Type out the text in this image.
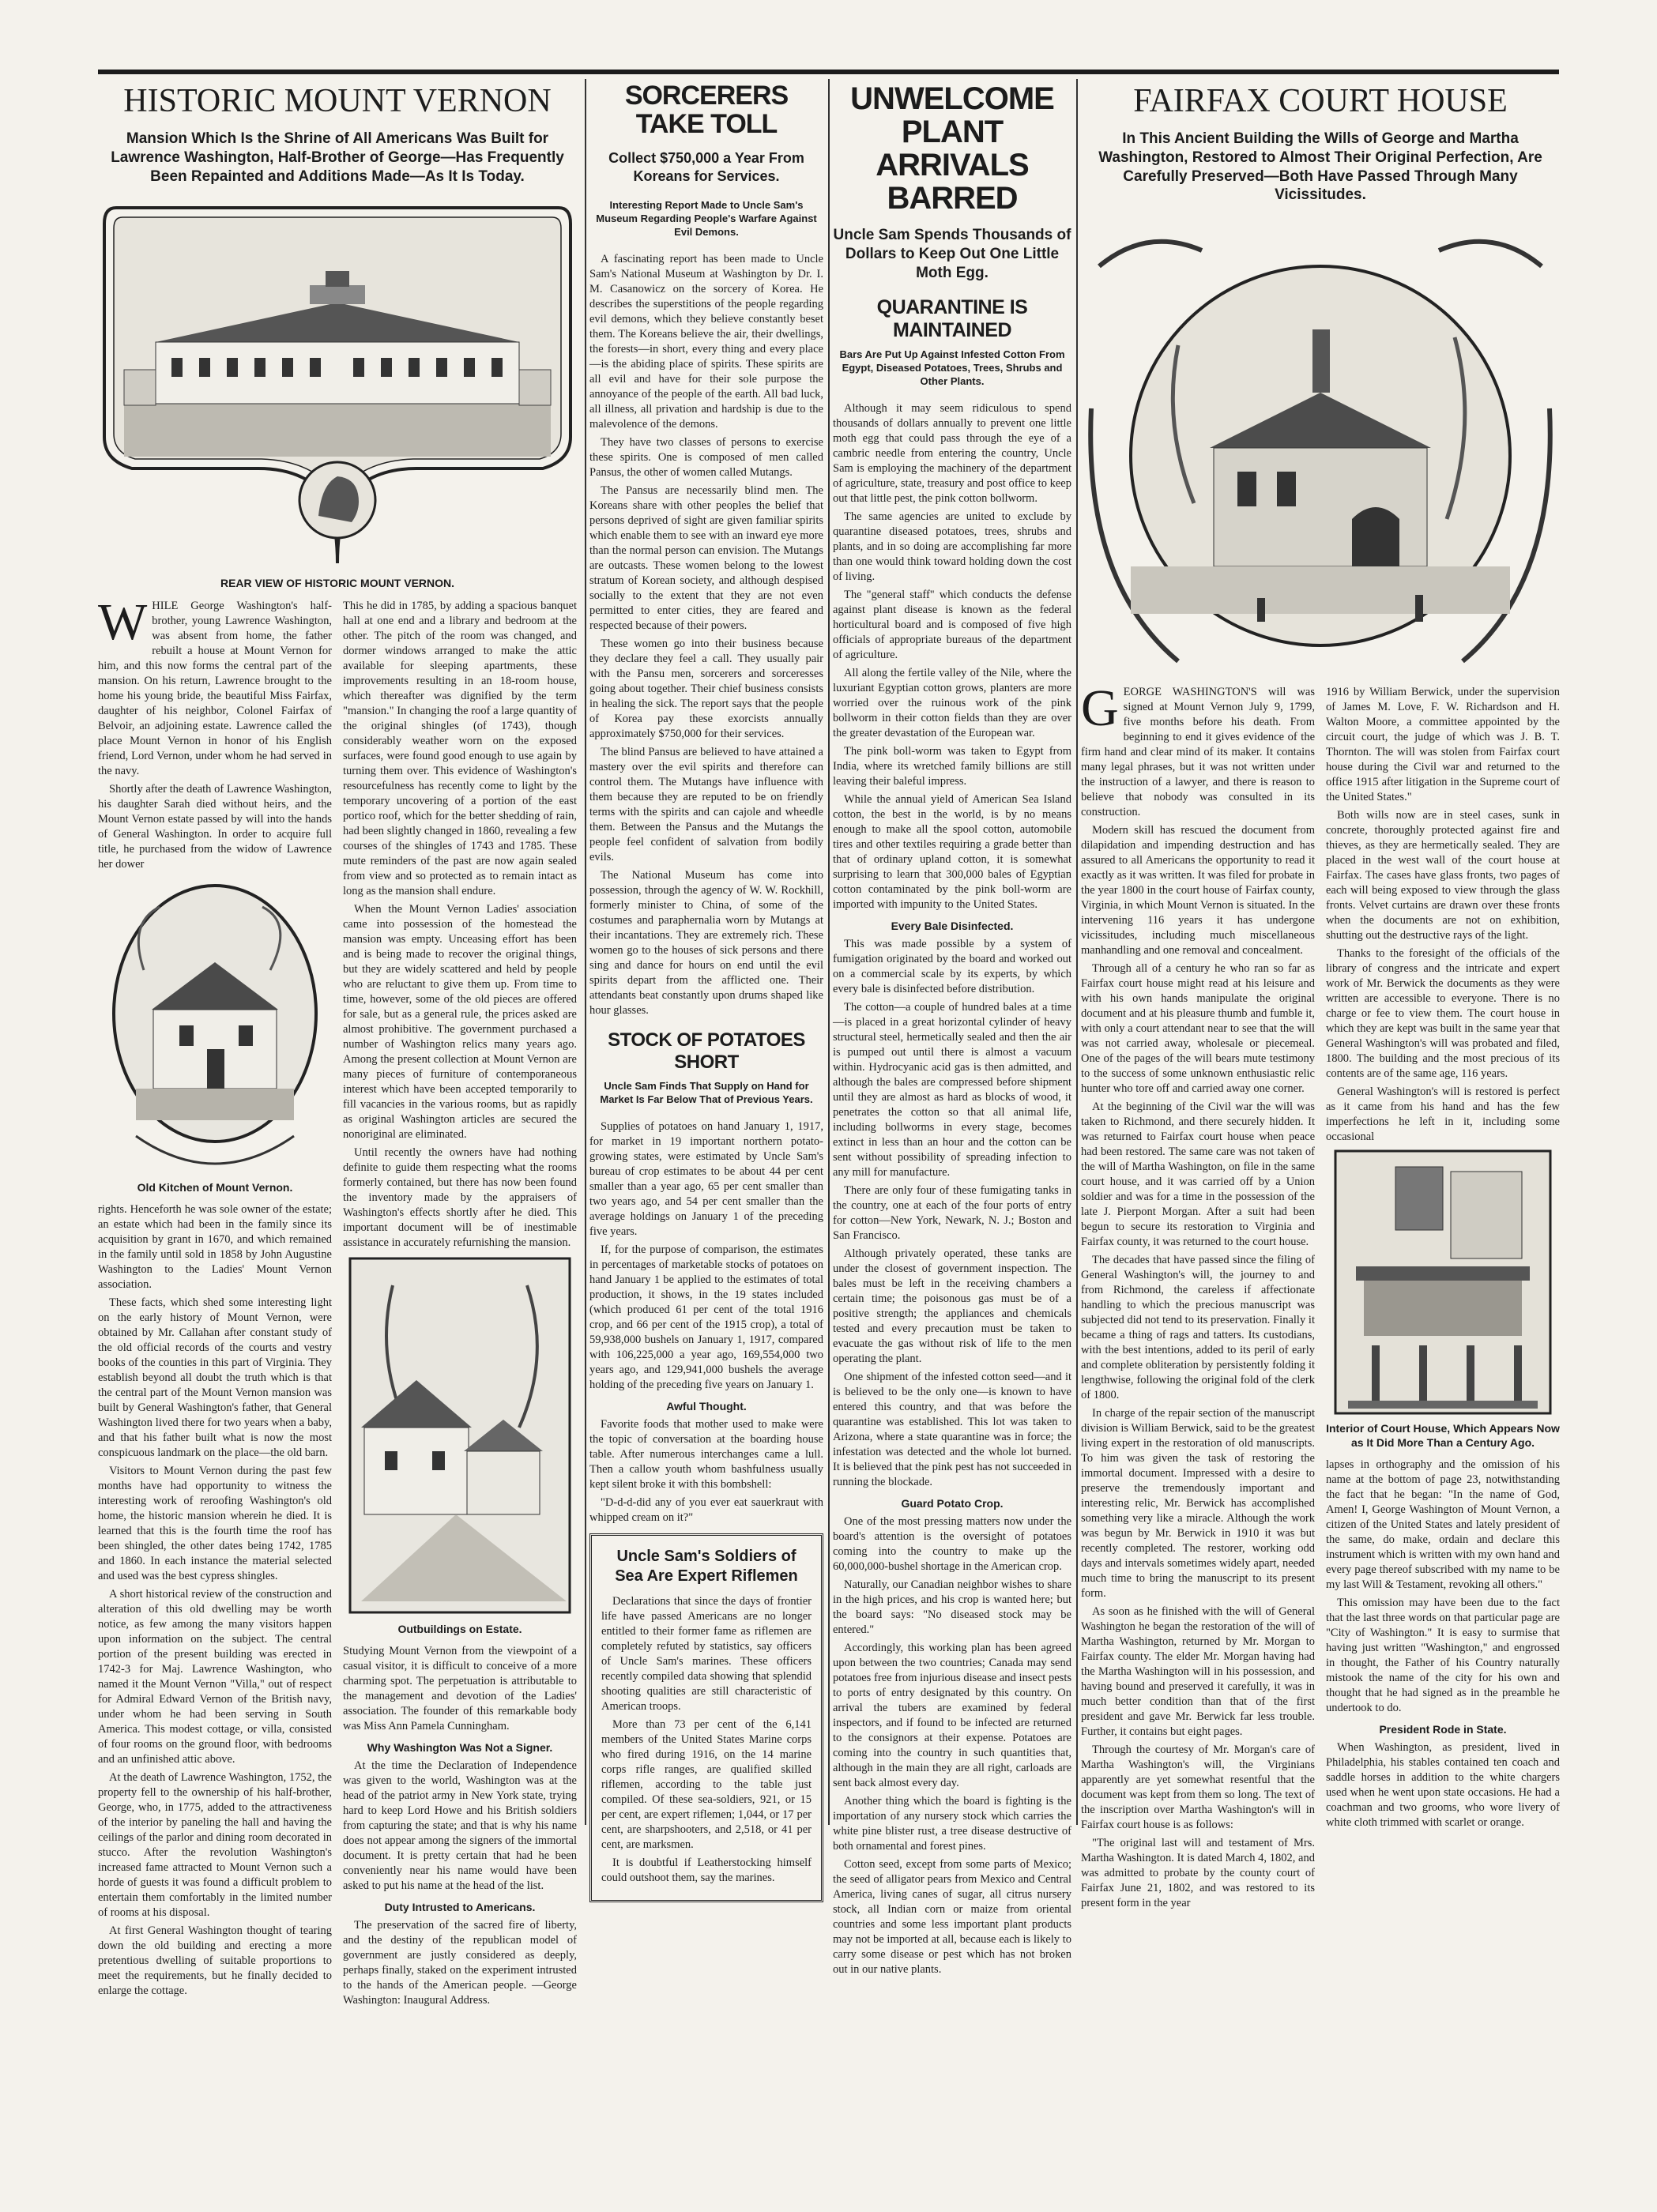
HISTORIC MOUNT VERNON
Mansion Which Is the Shrine of All Americans Was Built for Lawrence Washington, Half-Brother of George—Has Frequently Been Repainted and Additions Made—As It Is Today.
REAR VIEW OF HISTORIC MOUNT VERNON.

WHILE George Washington's half-brother, young Lawrence Washington, was absent from home, the father rebuilt a house at Mount Vernon for him, and this now forms the central part of the mansion. On his return, Lawrence brought to the home his young bride, the beautiful Miss Fairfax, daughter of his neighbor, Colonel Fairfax of Belvoir, an adjoining estate. Lawrence called the place Mount Vernon in honor of his English friend, Lord Vernon, under whom he had served in the navy.

Shortly after the death of Lawrence Washington, his daughter Sarah died without heirs, and the Mount Vernon estate passed by will into the hands of General Washington. In order to acquire full title, he purchased from the widow of Lawrence her dower

Old Kitchen of Mount Vernon.

rights. Henceforth he was sole owner of the estate; an estate which had been in the family since its acquisition by grant in 1670, and which remained in the family until sold in 1858 by John Augustine Washington to the Ladies' Mount Vernon association.

These facts, which shed some interesting light on the early history of Mount Vernon, were obtained by Mr. Callahan after constant study of the old official records of the courts and vestry books of the counties in this part of Virginia. They establish beyond all doubt the truth which is that the central part of the Mount Vernon mansion was built by General Washington's father, that General Washington lived there for two years when a baby, and that his father built what is now the most conspicuous landmark on the place—the old barn.

Visitors to Mount Vernon during the past few months have had opportunity to witness the interesting work of reroofing Washington's old home, the historic mansion wherein he died. It is learned that this is the fourth time the roof has been shingled, the other dates being 1742, 1785 and 1860. In each instance the material selected and used was the best cypress shingles.

A short historical review of the construction and alteration of this old dwelling may be worth notice, as few among the many visitors happen upon information on the subject. The central portion of the present building was erected in 1742-3 for Maj. Lawrence Washington, who named it the Mount Vernon "Villa," out of respect for Admiral Edward Vernon of the British navy, under whom he had been serving in South America. This modest cottage, or villa, consisted of four rooms on the ground floor, with bedrooms and an unfinished attic above.

At the death of Lawrence Washington, 1752, the property fell to the ownership of his half-brother, George, who, in 1775, added to the attractiveness of the interior by paneling the hall and having the ceilings of the parlor and dining room decorated in stucco. After the revolution Washington's increased fame attracted to Mount Vernon such a horde of guests it was found a difficult problem to entertain them comfortably in the limited number of rooms at his disposal.

At first General Washington thought of tearing down the old building and erecting a more pretentious dwelling of suitable proportions to meet the requirements, but he finally decided to enlarge the cottage.

This he did in 1785, by adding a spacious banquet hall at one end and a library and bedroom at the other. The pitch of the room was changed, and dormer windows arranged to make the attic available for sleeping apartments, these improvements resulting in an 18-room house, which thereafter was dignified by the term "mansion." In changing the roof a large quantity of the original shingles (of 1743), though considerably weather worn on the exposed surfaces, were found good enough to use again by turning them over. This evidence of Washington's resourcefulness has recently come to light by the temporary uncovering of a portion of the east portico roof, which for the better shedding of rain, had been slightly changed in 1860, revealing a few courses of the shingles of 1743 and 1785. These mute reminders of the past are now again sealed from view and so protected as to remain intact as long as the mansion shall endure.

When the Mount Vernon Ladies' association came into possession of the homestead the mansion was empty. Unceasing effort has been and is being made to recover the original things, but they are widely scattered and held by people who are reluctant to give them up. From time to time, however, some of the old pieces are offered for sale, but as a general rule, the prices asked are almost prohibitive. The government purchased a number of Washington relics many years ago. Among the present collection at Mount Vernon are many pieces of furniture of contemporaneous interest which have been accepted temporarily to fill vacancies in the various rooms, but as rapidly as original Washington articles are secured the nonoriginal are eliminated.

Until recently the owners have had nothing definite to guide them respecting what the rooms formerly contained, but there has now been found the inventory made by the appraisers of Washington's effects shortly after he died. This important document will be of inestimable assistance in accurately refurnishing the mansion.

Outbuildings on Estate.

Studying Mount Vernon from the viewpoint of a casual visitor, it is difficult to conceive of a more charming spot. The perpetuation is attributable to the management and devotion of the Ladies' association. The founder of this remarkable body was Miss Ann Pamela Cunningham.

Why Washington Was Not a Signer.

At the time the Declaration of Independence was given to the world, Washington was at the head of the patriot army in New York state, trying hard to keep Lord Howe and his British soldiers from capturing the state; and that is why his name does not appear among the signers of the immortal document. It is pretty certain that had he been conveniently near his name would have been asked to put his name at the head of the list.

Duty Intrusted to Americans.

The preservation of the sacred fire of liberty, and the destiny of the republican model of government are justly considered as deeply, perhaps finally, staked on the experiment intrusted to the hands of the American people. —George Washington: Inaugural Address.

SORCERERS TAKE TOLL
Collect $750,000 a Year From Koreans for Services.
Interesting Report Made to Uncle Sam's Museum Regarding People's Warfare Against Evil Demons.

A fascinating report has been made to Uncle Sam's National Museum at Washington by Dr. I. M. Casanowicz on the sorcery of Korea. He describes the superstitions of the people regarding evil demons, which they believe constantly beset them. The Koreans believe the air, their dwellings, the forests—in short, every thing and every place—is the abiding place of spirits. These spirits are all evil and have for their sole purpose the annoyance of the people of the earth. All bad luck, all illness, all privation and hardship is due to the malevolence of the demons.

They have two classes of persons to exercise these spirits. One is composed of men called Pansus, the other of women called Mutangs.

The Pansus are necessarily blind men. The Koreans share with other peoples the belief that persons deprived of sight are given familiar spirits which enable them to see with an inward eye more than the normal person can envision. The Mutangs are outcasts. These women belong to the lowest stratum of Korean society, and although despised socially to the extent that they are not even permitted to enter cities, they are feared and respected because of their powers.

These women go into their business because they declare they feel a call. They usually pair with the Pansu men, sorcerers and sorceresses going about together. Their chief business consists in healing the sick. The report says that the people of Korea pay these exorcists annually approximately $750,000 for their services.

The blind Pansus are believed to have attained a mastery over the evil spirits and therefore can control them. The Mutangs have influence with them because they are reputed to be on friendly terms with the spirits and can cajole and wheedle them. Between the Pansus and the Mutangs the people feel confident of salvation from bodily evils.

The National Museum has come into possession, through the agency of W. W. Rockhill, formerly minister to China, of some of the costumes and paraphernalia worn by Mutangs at their incantations. They are extremely rich. These women go to the houses of sick persons and there sing and dance for hours on end until the evil spirits depart from the afflicted one. Their attendants beat constantly upon drums shaped like hour glasses.

STOCK OF POTATOES SHORT
Uncle Sam Finds That Supply on Hand for Market Is Far Below That of Previous Years.

Supplies of potatoes on hand January 1, 1917, for market in 19 important northern potato-growing states, were estimated by Uncle Sam's bureau of crop estimates to be about 44 per cent smaller than a year ago, 65 per cent smaller than two years ago, and 54 per cent smaller than the average holdings on January 1 of the preceding five years.

If, for the purpose of comparison, the estimates in percentages of marketable stocks of potatoes on hand January 1 be applied to the estimates of total production, it shows, in the 19 states included (which produced 61 per cent of the total 1916 crop, and 66 per cent of the 1915 crop), a total of 59,938,000 bushels on January 1, 1917, compared with 106,225,000 a year ago, 169,554,000 two years ago, and 129,941,000 bushels the average holding of the preceding five years on January 1.

Awful Thought.

Favorite foods that mother used to make were the topic of conversation at the boarding house table. After numerous interchanges came a lull. Then a callow youth whom bashfulness usually kept silent broke it with this bombshell:

"D-d-d-did any of you ever eat sauerkraut with whipped cream on it?"

Uncle Sam's Soldiers of Sea Are Expert Riflemen

Declarations that since the days of frontier life have passed Americans are no longer entitled to their former fame as riflemen are completely refuted by statistics, say officers of Uncle Sam's marines. These officers recently compiled data showing that splendid shooting qualities are still characteristic of American troops.

More than 73 per cent of the 6,141 members of the United States Marine corps who fired during 1916, on the 14 marine corps rifle ranges, are qualified skilled riflemen, according to the table just compiled. Of these sea-soldiers, 921, or 15 per cent, are expert riflemen; 1,044, or 17 per cent, are sharpshooters, and 2,518, or 41 per cent, are marksmen.

It is doubtful if Leatherstocking himself could outshoot them, say the marines.

UNWELCOME PLANT ARRIVALS BARRED
Uncle Sam Spends Thousands of Dollars to Keep Out One Little Moth Egg.
QUARANTINE IS MAINTAINED
Bars Are Put Up Against Infested Cotton From Egypt, Diseased Potatoes, Trees, Shrubs and Other Plants.

Although it may seem ridiculous to spend thousands of dollars annually to prevent one little moth egg that could pass through the eye of a cambric needle from entering the country, Uncle Sam is employing the machinery of the department of agriculture, state, treasury and post office to keep out that little pest, the pink cotton bollworm.

The same agencies are united to exclude by quarantine diseased potatoes, trees, shrubs and plants, and in so doing are accomplishing far more than one would think toward holding down the cost of living.

The "general staff" which conducts the defense against plant disease is known as the federal horticultural board and is composed of five high officials of appropriate bureaus of the department of agriculture.

All along the fertile valley of the Nile, where the luxuriant Egyptian cotton grows, planters are more worried over the ruinous work of the pink bollworm in their cotton fields than they are over the greater devastation of the European war.

The pink boll-worm was taken to Egypt from India, where its wretched family billions are still leaving their baleful impress.

While the annual yield of American Sea Island cotton, the best in the world, is by no means enough to make all the spool cotton, automobile tires and other textiles requiring a grade better than that of ordinary upland cotton, it is somewhat surprising to learn that 300,000 bales of Egyptian cotton contaminated by the pink boll-worm are imported with impunity to the United States.

Every Bale Disinfected.

This was made possible by a system of fumigation originated by the board and worked out on a commercial scale by its experts, by which every bale is disinfected before distribution.

The cotton—a couple of hundred bales at a time—is placed in a great horizontal cylinder of heavy structural steel, hermetically sealed and then the air is pumped out until there is almost a vacuum within. Hydrocyanic acid gas is then admitted, and although the bales are compressed before shipment until they are almost as hard as blocks of wood, it penetrates the cotton so that all animal life, including bollworms in every stage, becomes extinct in less than an hour and the cotton can be sent without possibility of spreading infection to any mill for manufacture.

There are only four of these fumigating tanks in the country, one at each of the four ports of entry for cotton—New York, Newark, N. J.; Boston and San Francisco.

Although privately operated, these tanks are under the closest of government inspection. The bales must be left in the receiving chambers a certain time; the poisonous gas must be of a positive strength; the appliances and chemicals tested and every precaution must be taken to evacuate the gas without risk of life to the men operating the plant.

One shipment of the infested cotton seed—and it is believed to be the only one—is known to have entered this country, and that was before the quarantine was established. This lot was taken to Arizona, where a state quarantine was in force; the infestation was detected and the whole lot burned. It is believed that the pink pest has not succeeded in running the blockade.

Guard Potato Crop.

One of the most pressing matters now under the board's attention is the oversight of potatoes coming into the country to make up the 60,000,000-bushel shortage in the American crop.

Naturally, our Canadian neighbor wishes to share in the high prices, and his crop is wanted here; but the board says: "No diseased stock may be entered."

Accordingly, this working plan has been agreed upon between the two countries; Canada may send potatoes free from injurious disease and insect pests to ports of entry designated by this country. On arrival the tubers are examined by federal inspectors, and if found to be infected are returned to the consignors at their expense. Potatoes are coming into the country in such quantities that, although in the main they are all right, carloads are sent back almost every day.

Another thing which the board is fighting is the importation of any nursery stock which carries the white pine blister rust, a tree disease destructive of both ornamental and forest pines.

Cotton seed, except from some parts of Mexico; the seed of alligator pears from Mexico and Central America, living canes of sugar, all citrus nursery stock, all Indian corn or maize from oriental countries and some less important plant products may not be imported at all, because each is likely to carry some disease or pest which has not broken out in our native plants.

FAIRFAX COURT HOUSE
In This Ancient Building the Wills of George and Martha Washington, Restored to Almost Their Original Perfection, Are Carefully Preserved—Both Have Passed Through Many Vicissitudes.

GEORGE WASHINGTON'S will was signed at Mount Vernon July 9, 1799, five months before his death. From beginning to end it gives evidence of the firm hand and clear mind of its maker. It contains many legal phrases, but it was not written under the instruction of a lawyer, and there is reason to believe that nobody was consulted in its construction.

Modern skill has rescued the document from dilapidation and impending destruction and has assured to all Americans the opportunity to read it exactly as it was written. It was filed for probate in the year 1800 in the court house of Fairfax county, Virginia, in which Mount Vernon is situated. In the intervening 116 years it has undergone vicissitudes, including much miscellaneous manhandling and one removal and concealment.

Through all of a century he who ran so far as Fairfax court house might read at his leisure and with his own hands manipulate the original document and at his pleasure thumb and fumble it, with only a court attendant near to see that the will was not carried away, wholesale or piecemeal. One of the pages of the will bears mute testimony to the success of some unknown enthusiastic relic hunter who tore off and carried away one corner.

At the beginning of the Civil war the will was taken to Richmond, and there securely hidden. It was returned to Fairfax court house when peace had been restored. The same care was not taken of the will of Martha Washington, on file in the same court house, and it was carried off by a Union soldier and was for a time in the possession of the late J. Pierpont Morgan. After a suit had been begun to secure its restoration to Virginia and Fairfax county, it was returned to the court house.

The decades that have passed since the filing of General Washington's will, the journey to and from Richmond, the careless if affectionate handling to which the precious manuscript was subjected did not tend to its preservation. Finally it became a thing of rags and tatters. Its custodians, with the best intentions, added to its peril of early and complete obliteration by persistently folding it lengthwise, following the original fold of the clerk of 1800.

In charge of the repair section of the manuscript division is William Berwick, said to be the greatest living expert in the restoration of old manuscripts. To him was given the task of restoring the immortal document. Impressed with a desire to preserve the tremendously important and interesting relic, Mr. Berwick has accomplished something very like a miracle. Although the work was begun by Mr. Berwick in 1910 it was but recently completed. The restorer, working odd days and intervals sometimes widely apart, needed much time to bring the manuscript to its present form.

As soon as he finished with the will of General Washington he began the restoration of the will of Martha Washington, returned by Mr. Morgan to Fairfax county. The elder Mr. Morgan having had the Martha Washington will in his possession, and having bound and preserved it carefully, it was in much better condition than that of the first president and gave Mr. Berwick far less trouble. Further, it contains but eight pages.

Through the courtesy of Mr. Morgan's care of Martha Washington's will, the Virginians apparently are yet somewhat resentful that the document was kept from them so long. The text of the inscription over Martha Washington's will in Fairfax court house is as follows:

"The original last will and testament of Mrs. Martha Washington. It is dated March 4, 1802, and was admitted to probate by the county court of Fairfax June 21, 1802, and was restored to its present form in the year

1916 by William Berwick, under the supervision of James M. Love, F. W. Richardson and H. Walton Moore, a committee appointed by the circuit court, the judge of which was J. B. T. Thornton. The will was stolen from Fairfax court house during the Civil war and returned to the office 1915 after litigation in the Supreme court of the United States."

Both wills now are in steel cases, sunk in concrete, thoroughly protected against fire and thieves, as they are hermetically sealed. They are placed in the west wall of the court house at Fairfax. The cases have glass fronts, two pages of each will being exposed to view through the glass fronts. Velvet curtains are drawn over these fronts when the documents are not on exhibition, shutting out the destructive rays of the light.

Thanks to the foresight of the officials of the library of congress and the intricate and expert work of Mr. Berwick the documents as they were written are accessible to everyone. There is no charge or fee to view them. The court house in which they are kept was built in the same year that General Washington's will was probated and filed, 1800. The building and the most precious of its contents are of the same age, 116 years.

General Washington's will is restored is perfect as it came from his hand and has the few imperfections he left in it, including some occasional

Interior of Court House, Which Appears Now as It Did More Than a Century Ago.

lapses in orthography and the omission of his name at the bottom of page 23, notwithstanding the fact that he began: "In the name of God, Amen! I, George Washington of Mount Vernon, a citizen of the United States and lately president of the same, do make, ordain and declare this instrument which is written with my own hand and every page thereof subscribed with my name to be my last Will & Testament, revoking all others."

This omission may have been due to the fact that the last three words on that particular page are "City of Washington." It is easy to surmise that having just written "Washington," and engrossed in thought, the Father of his Country naturally mistook the name of the city for his own and thought that he had signed as in the preamble he undertook to do.

President Rode in State.

When Washington, as president, lived in Philadelphia, his stables contained ten coach and saddle horses in addition to the white chargers used when he went upon state occasions. He had a coachman and two grooms, who wore livery of white cloth trimmed with scarlet or orange.
